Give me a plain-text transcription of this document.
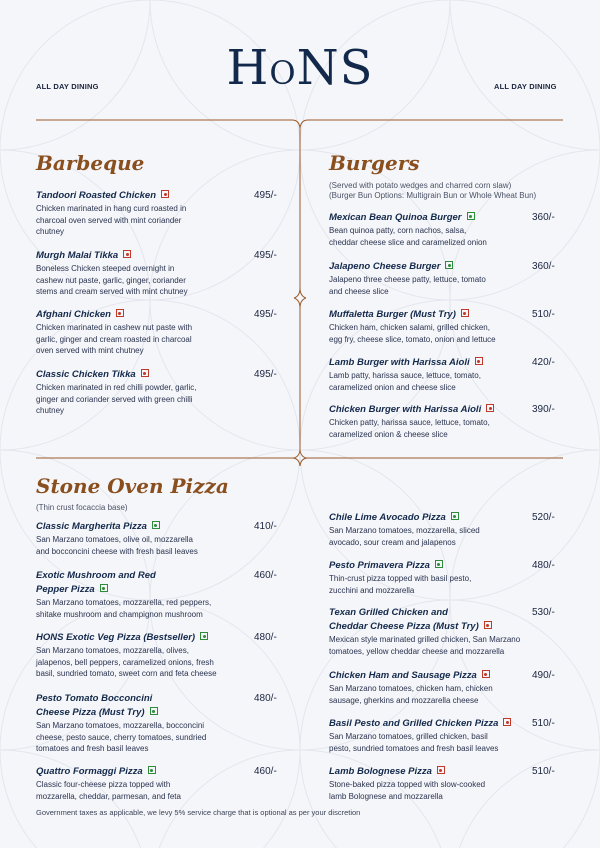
HONS
ALL DAY DINING	ALL DAY DINING
Barbeque
Tandoori Roasted Chicken
Chicken marinated in hang curd roasted in
charcoal oven served with mint coriander
chutney
495/-
Murgh Malai Tikka
Boneless Chicken steeped overnight in
cashew nut paste, garlic, ginger, coriander
stems and cream served with mint chutney
495/-
Afghani Chicken
Chicken marinated in cashew nut paste with
garlic, ginger and cream roasted in charcoal
oven served with mint chutney
495/-
Classic Chicken Tikka
Chicken marinated in red chilli powder, garlic,
ginger and coriander served with green chilli
chutney
495/-
Burgers
(Served with potato wedges and charred corn slaw)
(Burger Bun Options: Multigrain Bun or Whole Wheat Bun)
Mexican Bean Quinoa Burger
Bean quinoa patty, corn nachos, salsa,
cheddar cheese slice and caramelized onion
360/-
Jalapeno Cheese Burger
Jalapeno three cheese patty, lettuce, tomato
and cheese slice
360/-
Muffaletta Burger (Must Try)
Chicken ham, chicken salami, grilled chicken,
egg fry, cheese slice, tomato, onion and lettuce
510/-
Lamb Burger with Harissa Aioli
Lamb patty, harissa sauce, lettuce, tomato,
caramelized onion and cheese slice
420/-
Chicken Burger with Harissa Aioli
Chicken patty, harissa sauce, lettuce, tomato,
caramelized onion & cheese slice
390/-
Stone Oven Pizza
(Thin crust focaccia base)
Classic Margherita Pizza
San Marzano tomatoes, olive oil, mozzarella
and bocconcini cheese with fresh basil leaves
410/-
Exotic Mushroom and Red
Pepper Pizza
San Marzano tomatoes, mozzarella, red peppers,
shitake mushroom and champignon mushroom
460/-
HONS Exotic Veg Pizza (Bestseller)
San Marzano tomatoes, mozzarella, olives,
jalapenos, bell peppers, caramelized onions, fresh
basil, sundried tomato, sweet corn and feta cheese
480/-
Pesto Tomato Bocconcini
Cheese Pizza (Must Try)
San Marzano tomatoes, mozzarella, bocconcini
cheese, pesto sauce, cherry tomatoes, sundried
tomatoes and fresh basil leaves
480/-
Quattro Formaggi Pizza
Classic four-cheese pizza topped with
mozzarella, cheddar, parmesan, and feta
460/-
Chile Lime Avocado Pizza
San Marzano tomatoes, mozzarella, sliced
avocado, sour cream and jalapenos
520/-
Pesto Primavera Pizza
Thin-crust pizza topped with basil pesto,
zucchini and mozzarella
480/-
Texan Grilled Chicken and
Cheddar Cheese Pizza (Must Try)
Mexican style marinated grilled chicken, San Marzano
tomatoes, yellow cheddar cheese and mozzarella
530/-
Chicken Ham and Sausage Pizza
San Marzano tomatoes, chicken ham, chicken
sausage, gherkins and mozzarella cheese
490/-
Basil Pesto and Grilled Chicken Pizza
San Marzano tomatoes, grilled chicken, basil
pesto, sundried tomatoes and fresh basil leaves
510/-
Lamb Bolognese Pizza
Stone-baked pizza topped with slow-cooked
lamb Bolognese and mozzarella
510/-
Government taxes as applicable, we levy 5% service charge that is optional as per your discretion
